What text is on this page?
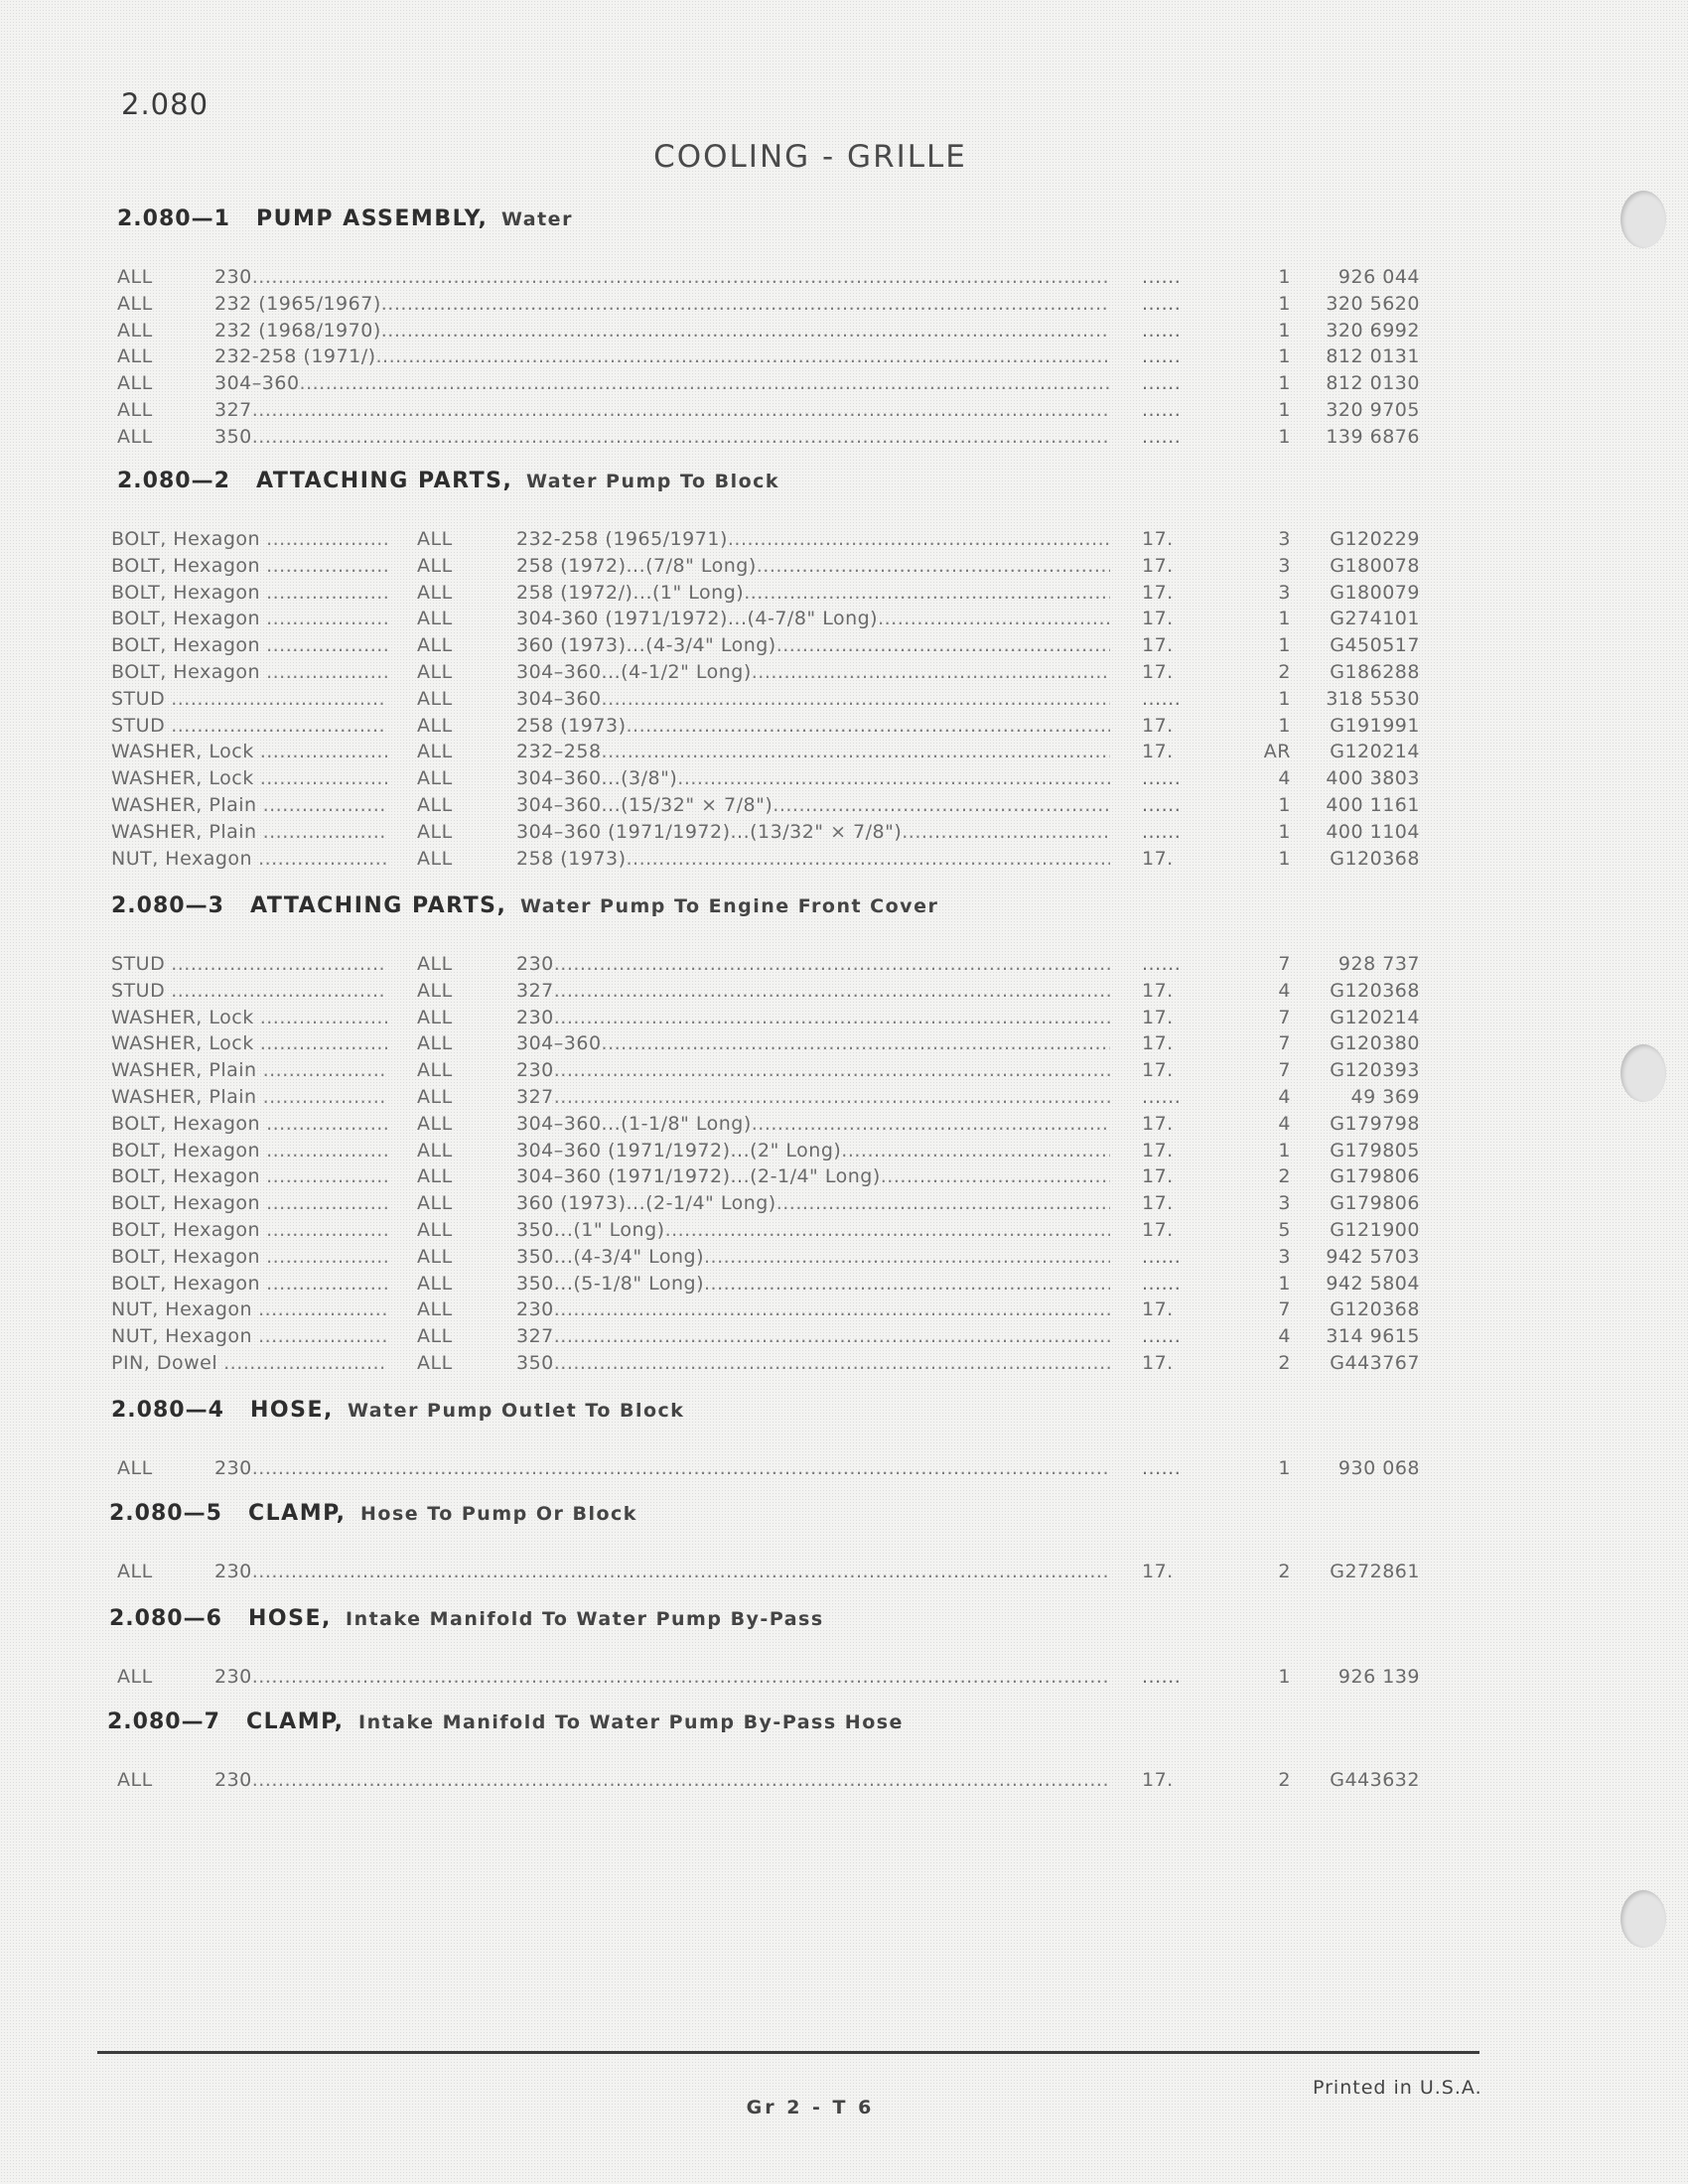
2.080
COOLING - GRILLE
2.080—1 PUMP ASSEMBLY, Water
ALL	230 .....	......	1	926 044
ALL	232 (1965/1967) .....	......	1	320 5620
ALL	232 (1968/1970) .....	......	1	320 6992
ALL	232-258 (1971/) .....	......	1	812 0131
ALL	304–360 .....	......	1	812 0130
ALL	327 .....	......	1	320 9705
ALL	350 .....	......	1	139 6876
2.080—2 ATTACHING PARTS, Water Pump To Block
BOLT, Hexagon .....	ALL	232-258 (1965/1971) .....	17.	3	G120229
BOLT, Hexagon .....	ALL	258 (1972)...(7/8" Long) .....	17.	3	G180078
BOLT, Hexagon .....	ALL	258 (1972/)...(1" Long) .....	17.	3	G180079
BOLT, Hexagon .....	ALL	304-360 (1971/1972)...(4-7/8" Long) .....	17.	1	G274101
BOLT, Hexagon .....	ALL	360 (1973)...(4-3/4" Long) .....	17.	1	G450517
BOLT, Hexagon .....	ALL	304–360...(4-1/2" Long) .....	17.	2	G186288
STUD .....	ALL	304–360 .....	......	1	318 5530
STUD .....	ALL	258 (1973) .....	17.	1	G191991
WASHER, Lock .....	ALL	232–258 .....	17.	AR	G120214
WASHER, Lock .....	ALL	304–360...(3/8") .....	......	4	400 3803
WASHER, Plain .....	ALL	304–360...(15/32" × 7/8") .....	......	1	400 1161
WASHER, Plain .....	ALL	304–360 (1971/1972)...(13/32" × 7/8") .....	......	1	400 1104
NUT, Hexagon .....	ALL	258 (1973) .....	17.	1	G120368
2.080—3 ATTACHING PARTS, Water Pump To Engine Front Cover
STUD .....	ALL	230 .....	......	7	928 737
STUD .....	ALL	327 .....	17.	4	G120368
WASHER, Lock .....	ALL	230 .....	17.	7	G120214
WASHER, Lock .....	ALL	304–360 .....	17.	7	G120380
WASHER, Plain .....	ALL	230 .....	17.	7	G120393
WASHER, Plain .....	ALL	327 .....	......	4	49 369
BOLT, Hexagon .....	ALL	304–360...(1-1/8" Long) .....	17.	4	G179798
BOLT, Hexagon .....	ALL	304–360 (1971/1972)...(2" Long) .....	17.	1	G179805
BOLT, Hexagon .....	ALL	304–360 (1971/1972)...(2-1/4" Long) .....	17.	2	G179806
BOLT, Hexagon .....	ALL	360 (1973)...(2-1/4" Long) .....	17.	3	G179806
BOLT, Hexagon .....	ALL	350...(1" Long) .....	17.	5	G121900
BOLT, Hexagon .....	ALL	350...(4-3/4" Long) .....	......	3	942 5703
BOLT, Hexagon .....	ALL	350...(5-1/8" Long) .....	......	1	942 5804
NUT, Hexagon .....	ALL	230 .....	17.	7	G120368
NUT, Hexagon .....	ALL	327 .....	......	4	314 9615
PIN, Dowel .....	ALL	350 .....	17.	2	G443767
2.080—4 HOSE, Water Pump Outlet To Block
ALL	230 .....	......	1	930 068
2.080—5 CLAMP, Hose To Pump Or Block
ALL	230 .....	17.	2	G272861
2.080—6 HOSE, Intake Manifold To Water Pump By-Pass
ALL	230 .....	......	1	926 139
2.080—7 CLAMP, Intake Manifold To Water Pump By-Pass Hose
ALL	230 .....	17.	2	G443632
Gr 2 - T 6
Printed in U.S.A.
